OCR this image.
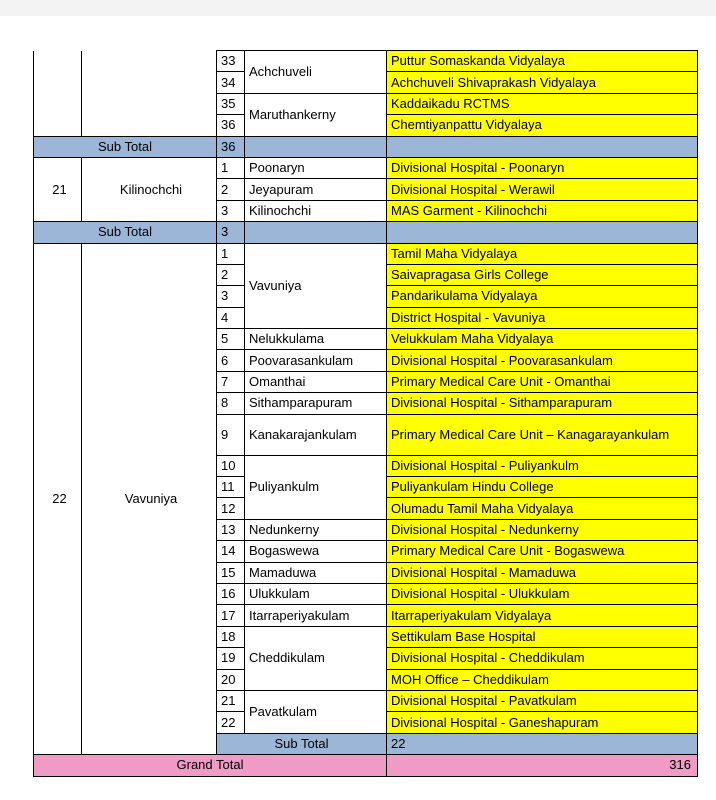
		33	Achchuveli	Puttur Somaskanda Vidyalaya	
		34		Achchuveli Shivaprakash Vidyalaya	
		35	Maruthankerny	Kaddaikadu RCTMS	
		36		Chemtiyanpattu Vidyalaya	
Sub Total		36			
21	Kilinochchi	1	Poonaryn	Divisional Hospital - Poonaryn	
		2	Jeyapuram	Divisional Hospital - Werawil	
		3	Kilinochchi	MAS Garment - Kilinochchi	
Sub Total		3			
22	Vavuniya	1	Vavuniya	Tamil Maha Vidyalaya	
		2		Saivapragasa Girls College	
		3		Pandarikulama Vidyalaya	
		4		District Hospital - Vavuniya	
		5	Nelukkulama	Velukkulam Maha Vidyalaya	
		6	Poovarasankulam	Divisional Hospital - Poovarasankulam	
		7	Omanthai	Primary Medical Care Unit - Omanthai	
		8	Sithamparapuram	Divisional Hospital - Sithamparapuram	
		9	Kanakarajankulam	Primary Medical Care Unit – Kanagarayankulam	
		10	Puliyankulm	Divisional Hospital - Puliyankulm	
		11		Puliyankulam Hindu College	
		12		Olumadu Tamil Maha Vidyalaya	
		13	Nedunkerny	Divisional Hospital - Nedunkerny	
		14	Bogaswewa	Primary Medical Care Unit - Bogaswewa	
		15	Mamaduwa	Divisional Hospital - Mamaduwa	
		16	Ulukkulam	Divisional Hospital - Ulukkulam	
		17	Itarraperiyakulam	Itarraperiyakulam Vidyalaya	
		18	Cheddikulam	Settikulam Base Hospital	
		19		Divisional Hospital - Cheddikulam	
		20		MOH Office – Cheddikulam	
		21	Pavatkulam	Divisional Hospital - Pavatkulam	
		22		Divisional Hospital - Ganeshapuram	
		Sub Total		22		
Grand Total				316	
